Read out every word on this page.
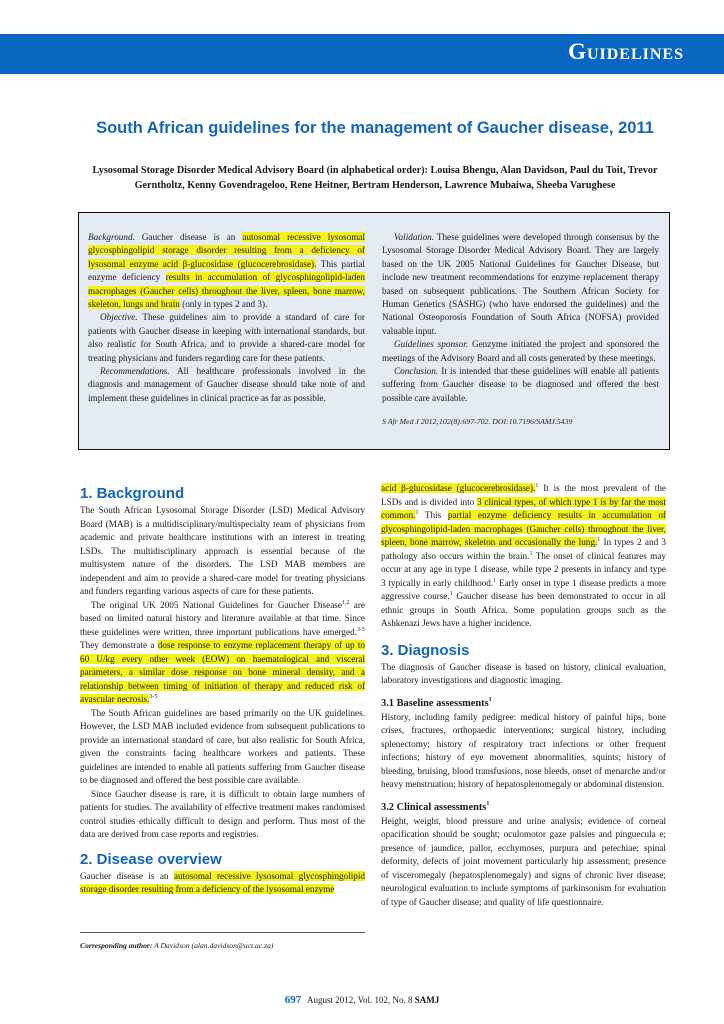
Guidelines
South African guidelines for the management of Gaucher disease, 2011
Lysosomal Storage Disorder Medical Advisory Board (in alphabetical order): Louisa Bhengu, Alan Davidson, Paul du Toit, Trevor Gerntholtz, Kenny Govendrageloo, Rene Heitner, Bertram Henderson, Lawrence Mubaiwa, Sheeba Varughese

Background. Gaucher disease is an autosomal recessive lysosomal glycosphingolipid storage disorder resulting from a deficiency of lysosomal enzyme acid β-glucosidase (glucocerebrosidase). This partial enzyme deficiency results in accumulation of glycosphingolipid-laden macrophages (Gaucher cells) throughout the liver, spleen, bone marrow, skeleton, lungs and brain (only in types 2 and 3).

Objective. These guidelines aim to provide a standard of care for patients with Gaucher disease in keeping with international standards, but also realistic for South Africa, and to provide a shared-care model for treating physicians and funders regarding care for these patients.

Recommendations. All healthcare professionals involved in the diagnosis and management of Gaucher disease should take note of and implement these guidelines in clinical practice as far as possible.

Validation. These guidelines were developed through consensus by the Lysosomal Storage Disorder Medical Advisory Board. They are largely based on the UK 2005 National Guidelines for Gaucher Disease, but include new treatment recommendations for enzyme replacement therapy based on subsequent publications. The Southern African Society for Human Genetics (SASHG) (who have endorsed the guidelines) and the National Osteoporosis Foundation of South Africa (NOFSA) provided valuable input.

Guidelines sponsor. Genzyme initiated the project and sponsored the meetings of the Advisory Board and all costs generated by these meetings.

Conclusion. It is intended that these guidelines will enable all patients suffering from Gaucher disease to be diagnosed and offered the best possible care available.

S Afr Med J 2012;102(8):697-702. DOI:10.7196/SAMJ.5439

1. Background

The South African Lysosomal Storage Disorder (LSD) Medical Advisory Board (MAB) is a multidisciplinary/multispecialty team of physicians from academic and private healthcare institutions with an interest in treating LSDs. The multidisciplinary approach is essential because of the multisystem nature of the disorders. The LSD MAB members are independent and aim to provide a shared-care model for treating physicians and funders regarding various aspects of care for these patients.

The original UK 2005 National Guidelines for Gaucher Disease$^{1,2}$ are based on limited natural history and literature available at that time. Since these guidelines were written, three important publications have emerged.$^{3-5}$ They demonstrate a dose response to enzyme replacement therapy of up to 60 U/kg every other week (EOW) on haematological and visceral parameters, a similar dose response on bone mineral density, and a relationship between timing of initiation of therapy and reduced risk of avascular necrosis.$^{3-5}$

The South African guidelines are based primarily on the UK guidelines. However, the LSD MAB included evidence from subsequent publications to provide an international standard of care, but also realistic for South Africa, given the constraints facing healthcare workers and patients. These guidelines are intended to enable all patients suffering from Gaucher disease to be diagnosed and offered the best possible care available.

Since Gaucher disease is rare, it is difficult to obtain large numbers of patients for studies. The availability of effective treatment makes randomised control studies ethically difficult to design and perform. Thus most of the data are derived from case reports and registries.

2. Disease overview

Gaucher disease is an autosomal recessive lysosomal glycosphingolipid storage disorder resulting from a deficiency of the lysosomal enzyme

acid β-glucosidase (glucocerebrosidase).$^1$ It is the most prevalent of the LSDs and is divided into 3 clinical types, of which type 1 is by far the most common.$^1$ This partial enzyme deficiency results in accumulation of glycosphingolipid-laden macrophages (Gaucher cells) throughout the liver, spleen, bone marrow, skeleton and occasionally the lung.$^1$ In types 2 and 3 pathology also occurs within the brain.$^1$ The onset of clinical features may occur at any age in type 1 disease, while type 2 presents in infancy and type 3 typically in early childhood.$^1$ Early onset in type 1 disease predicts a more aggressive course.$^1$ Gaucher disease has been demonstrated to occur in all ethnic groups in South Africa. Some population groups such as the Ashkenazi Jews have a higher incidence.

3. Diagnosis

The diagnosis of Gaucher disease is based on history, clinical evaluation, laboratory investigations and diagnostic imaging.

3.1 Baseline assessments$^1$

History, including family pedigree: medical history of painful hips, bone crises, fractures, orthopaedic interventions; surgical history, including splenectomy; history of respiratory tract infections or other frequent infections; history of eye movement abnormalities, squints; history of bleeding, bruising, blood transfusions, nose bleeds, onset of menarche and/or heavy menstruation; history of hepatosplenomegaly or abdominal distension.

3.2 Clinical assessments$^1$

Height, weight, blood pressure and urine analysis; evidence of corneal opacification should be sought; oculomotor gaze palsies and pinguecula e; presence of jaundice, pallor, ecchymoses, purpura and petechiae; spinal deformity, defects of joint movement particularly hip assessment; presence of visceromegaly (hepatosplenomegaly) and signs of chronic liver disease; neurological evaluation to include symptoms of parkinsonism for evaluation of type of Gaucher disease; and quality of life questionnaire.

Corresponding author: A Davidson (alan.davidson@uct.ac.za)
697 August 2012, Vol. 102, No. 8 SAMJ
